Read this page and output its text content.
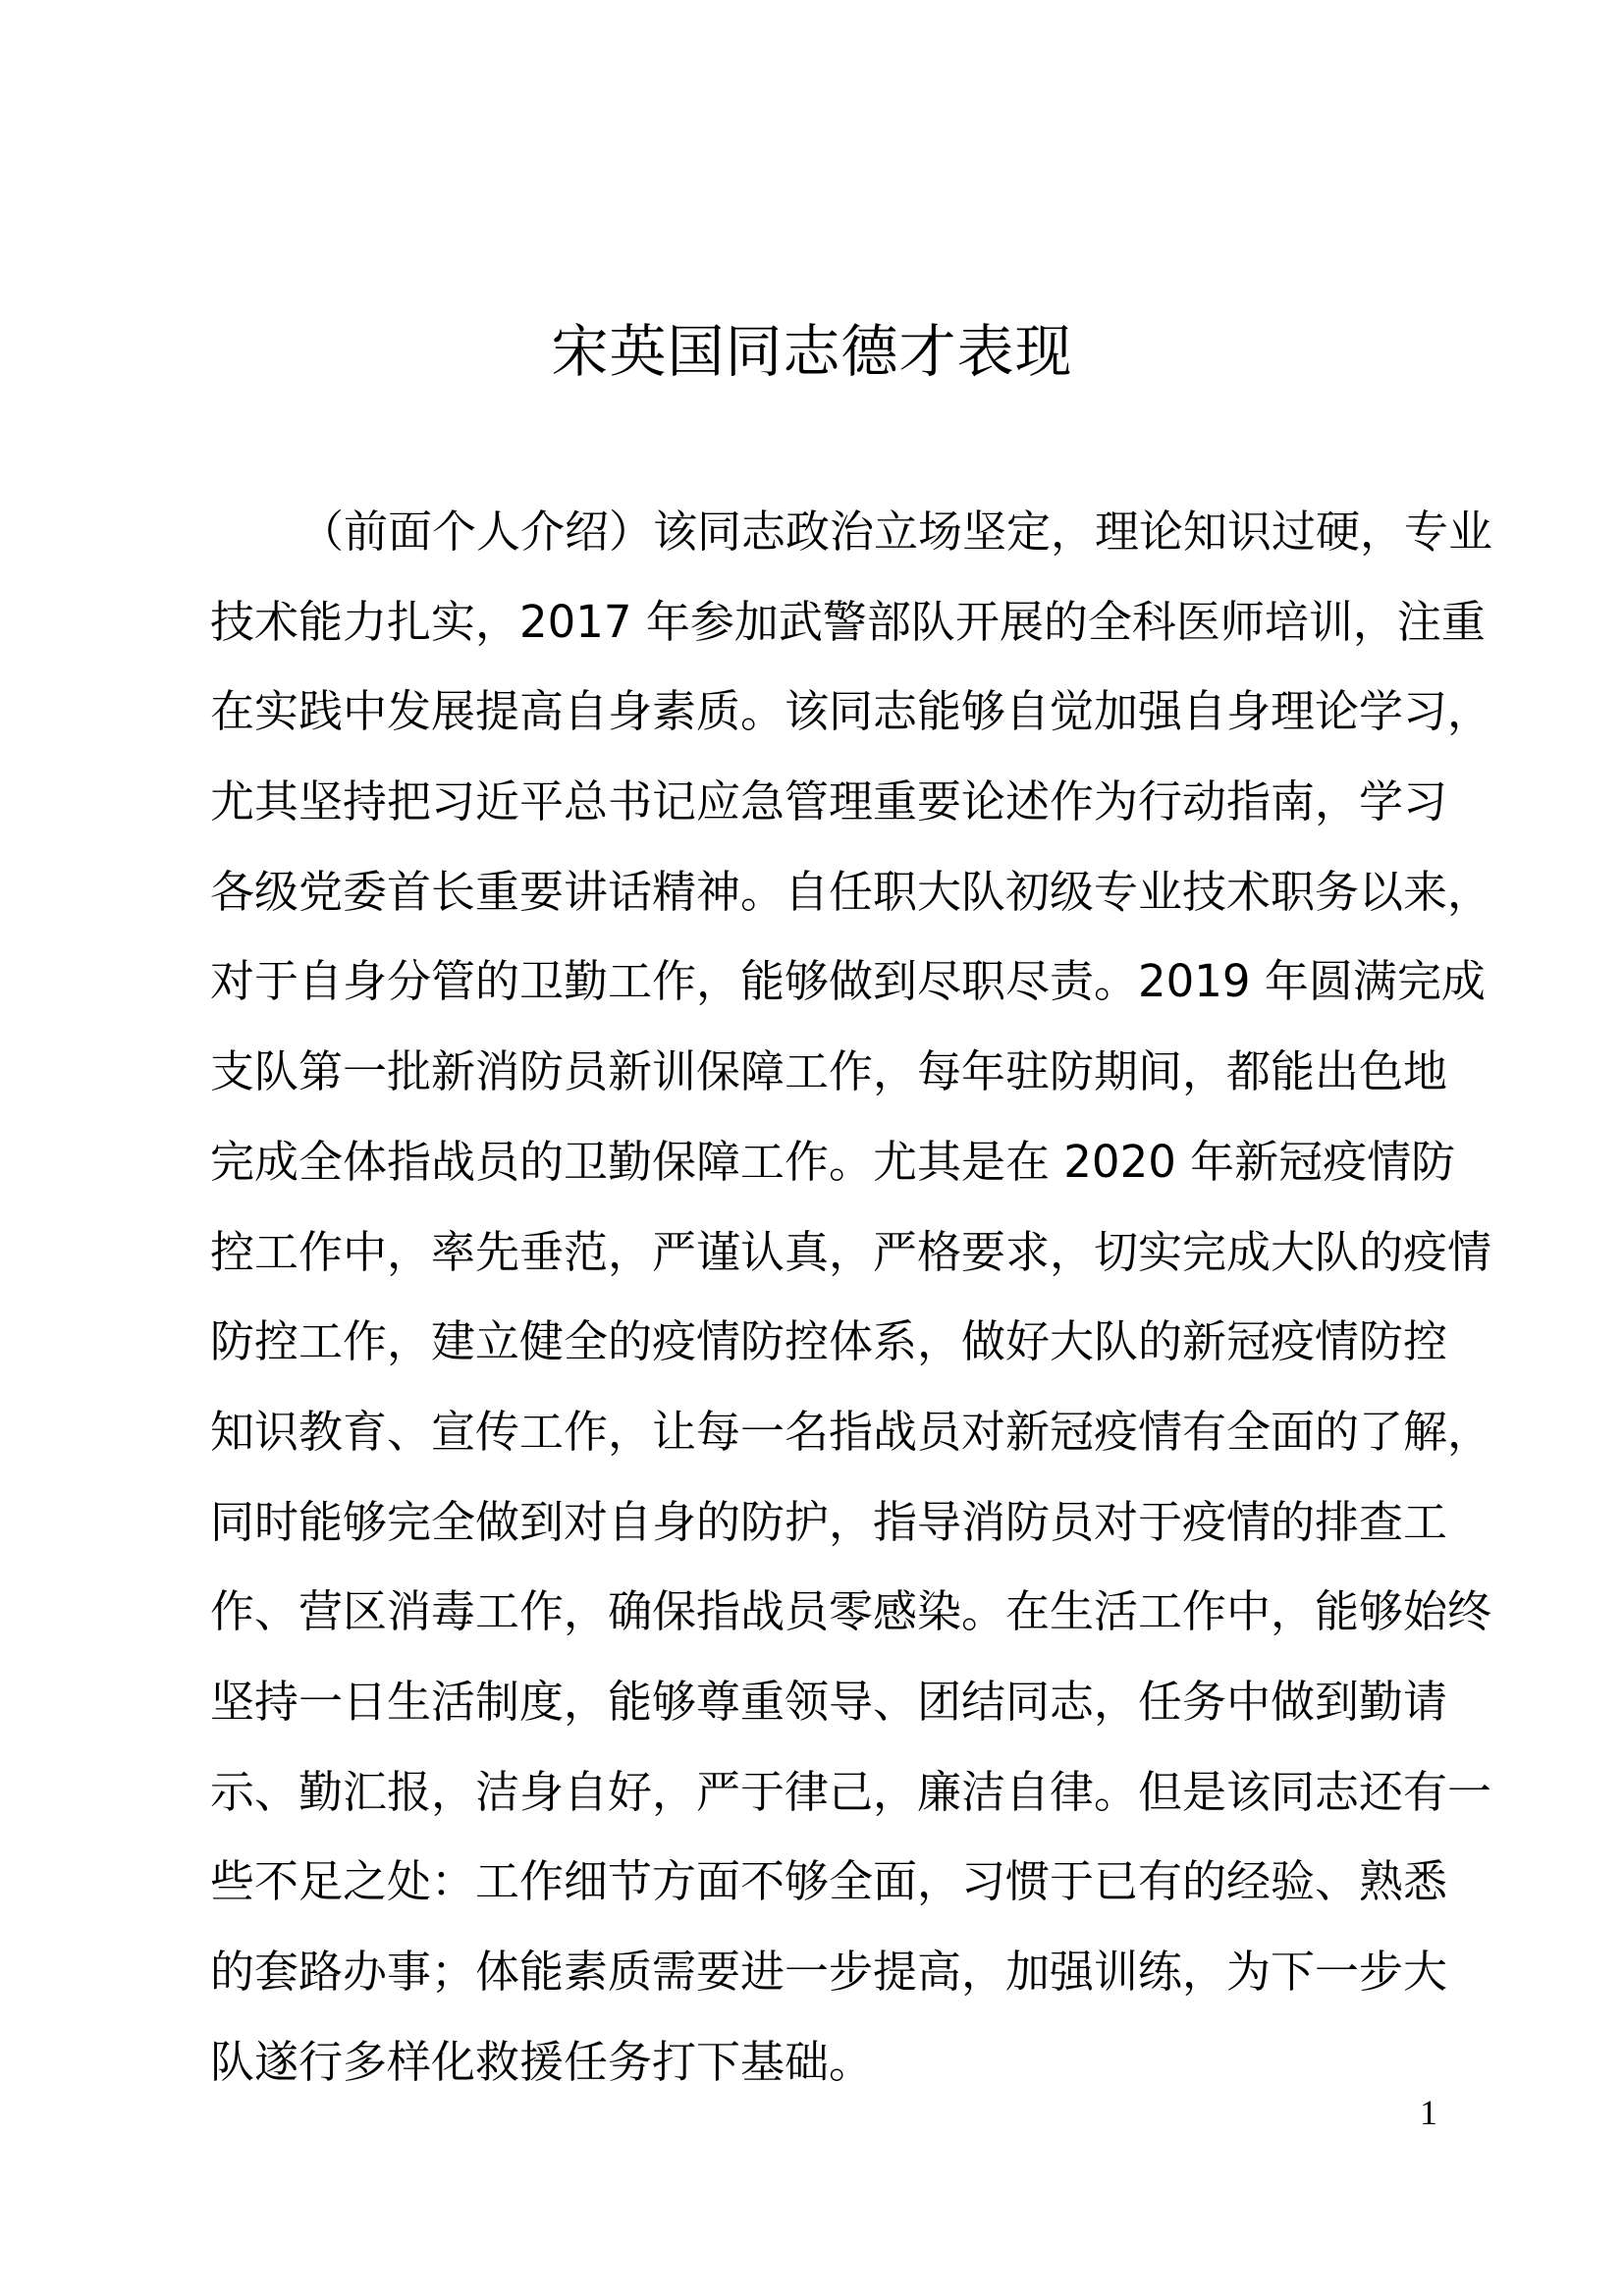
宋英国同志德才表现
（前面个人介绍）该同志政治立场坚定，理论知识过硬，专业
技术能力扎实，2017 年参加武警部队开展的全科医师培训，注重
在实践中发展提高自身素质。该同志能够自觉加强自身理论学习，
尤其坚持把习近平总书记应急管理重要论述作为行动指南，学习
各级党委首长重要讲话精神。自任职大队初级专业技术职务以来，
对于自身分管的卫勤工作，能够做到尽职尽责。2019 年圆满完成
支队第一批新消防员新训保障工作，每年驻防期间，都能出色地
完成全体指战员的卫勤保障工作。尤其是在 2020 年新冠疫情防
控工作中，率先垂范，严谨认真，严格要求，切实完成大队的疫情
防控工作，建立健全的疫情防控体系，做好大队的新冠疫情防控
知识教育、宣传工作，让每一名指战员对新冠疫情有全面的了解，
同时能够完全做到对自身的防护，指导消防员对于疫情的排查工
作、营区消毒工作，确保指战员零感染。在生活工作中，能够始终
坚持一日生活制度，能够尊重领导、团结同志，任务中做到勤请
示、勤汇报，洁身自好，严于律己，廉洁自律。但是该同志还有一
些不足之处：工作细节方面不够全面，习惯于已有的经验、熟悉
的套路办事；体能素质需要进一步提高，加强训练，为下一步大
队遂行多样化救援任务打下基础。
1
